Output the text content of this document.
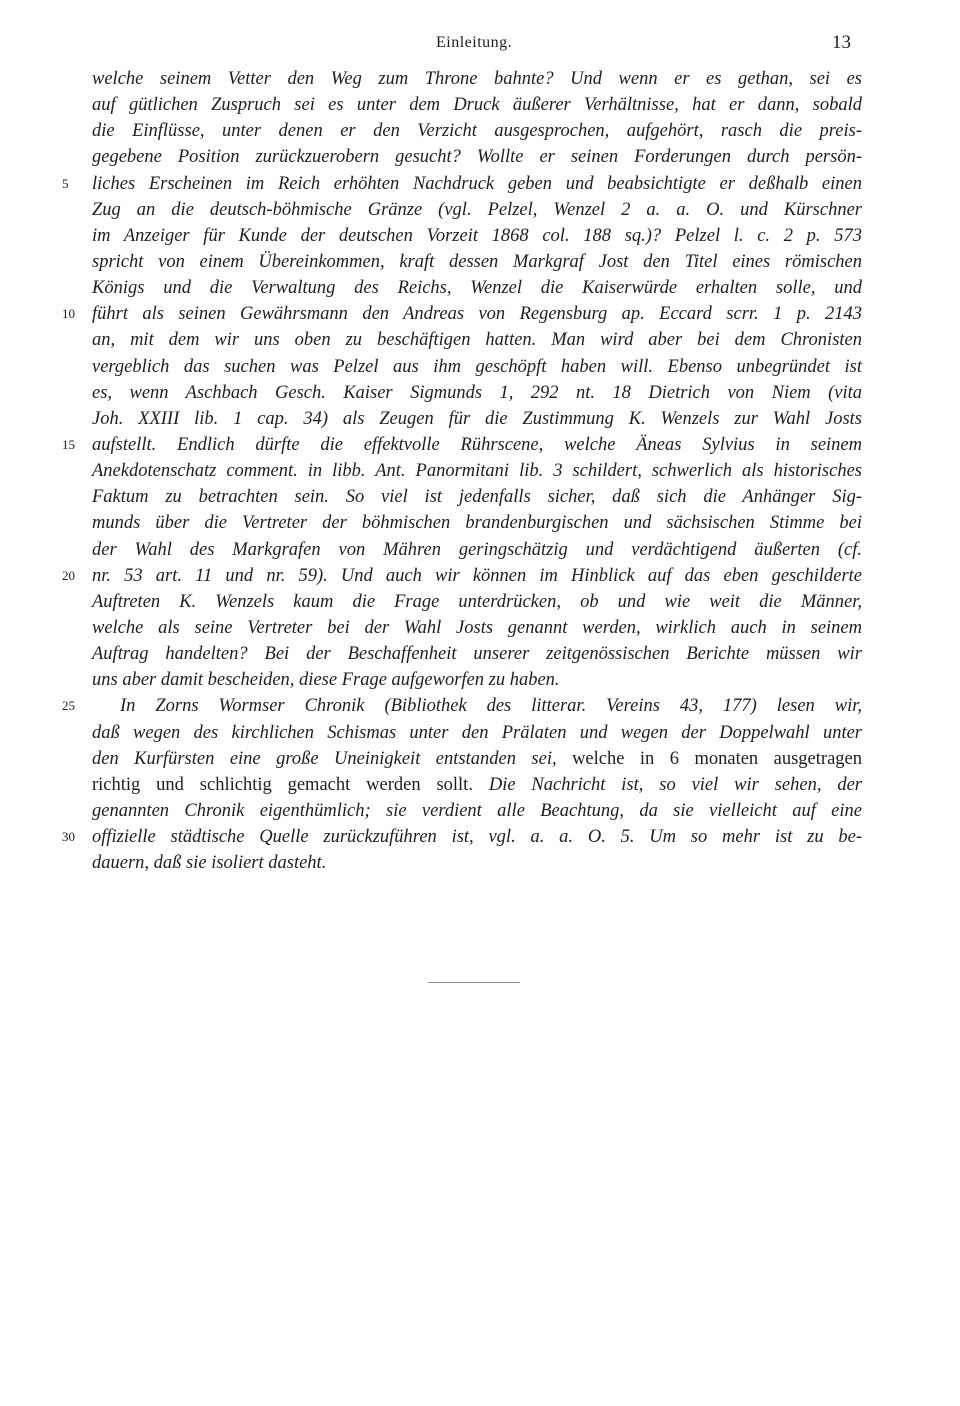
Einleitung.	13
welche seinem Vetter den Weg zum Throne bahnte? Und wenn er es gethan, sei es
auf gütlichen Zuspruch sei es unter dem Druck äußerer Verhältnisse, hat er dann, sobald
die Einflüsse, unter denen er den Verzicht ausgesprochen, aufgehört, rasch die preis-
gegebene Position zurückzuerobern gesucht? Wollte er seinen Forderungen durch persön-
5	liches Erscheinen im Reich erhöhten Nachdruck geben und beabsichtigte er deßhalb einen
Zug an die deutsch-böhmische Gränze (vgl. Pelzel, Wenzel 2 a. a. O. und Kürschner
im Anzeiger für Kunde der deutschen Vorzeit 1868 col. 188 sq.)? Pelzel l. c. 2 p. 573
spricht von einem Übereinkommen, kraft dessen Markgraf Jost den Titel eines römischen
Königs und die Verwaltung des Reichs, Wenzel die Kaiserwürde erhalten solle, und
10 führt als seinen Gewährsmann den Andreas von Regensburg ap. Eccard scrr. 1 p. 2143
an, mit dem wir uns oben zu beschäftigen hatten. Man wird aber bei dem Chronisten
vergeblich das suchen was Pelzel aus ihm geschöpft haben will. Ebenso unbegründet ist
es, wenn Aschbach Gesch. Kaiser Sigmunds 1, 292 nt. 18 Dietrich von Niem (vita
Joh. XXIII lib. 1 cap. 34) als Zeugen für die Zustimmung K. Wenzels zur Wahl Josts
15 aufstellt. Endlich dürfte die effektvolle Rührscene, welche Äneas Sylvius in seinem
Anekdotenschatz comment. in libb. Ant. Panormitani lib. 3 schildert, schwerlich als historisches
Faktum zu betrachten sein. So viel ist jedenfalls sicher, daß sich die Anhänger Sig-
munds über die Vertreter der böhmischen brandenburgischen und sächsischen Stimme bei
der Wahl des Markgrafen von Mähren geringschätzig und verdächtigend äußerten (cf.
20 nr. 53 art. 11 und nr. 59). Und auch wir können im Hinblick auf das eben geschilderte
Auftreten K. Wenzels kaum die Frage unterdrücken, ob und wie weit die Männer,
welche als seine Vertreter bei der Wahl Josts genannt werden, wirklich auch in seinem
Auftrag handelten? Bei der Beschaffenheit unserer zeitgenössischen Berichte müssen wir
uns aber damit bescheiden, diese Frage aufgeworfen zu haben.
25	In Zorns Wormser Chronik (Bibliothek des litterar. Vereins 43, 177) lesen wir,
daß wegen des kirchlichen Schismas unter den Prälaten und wegen der Doppelwahl unter
den Kurfürsten eine große Uneinigkeit entstanden sei, welche in 6 monaten ausgetragen
richtig und schlichtig gemacht werden sollt. Die Nachricht ist, so viel wir sehen, der
genannten Chronik eigenthümlich; sie verdient alle Beachtung, da sie vielleicht auf eine
30 offizielle städtische Quelle zurückzuführen ist, vgl. a. a. O. 5. Um so mehr ist zu be-
dauern, daß sie isoliert dasteht.
